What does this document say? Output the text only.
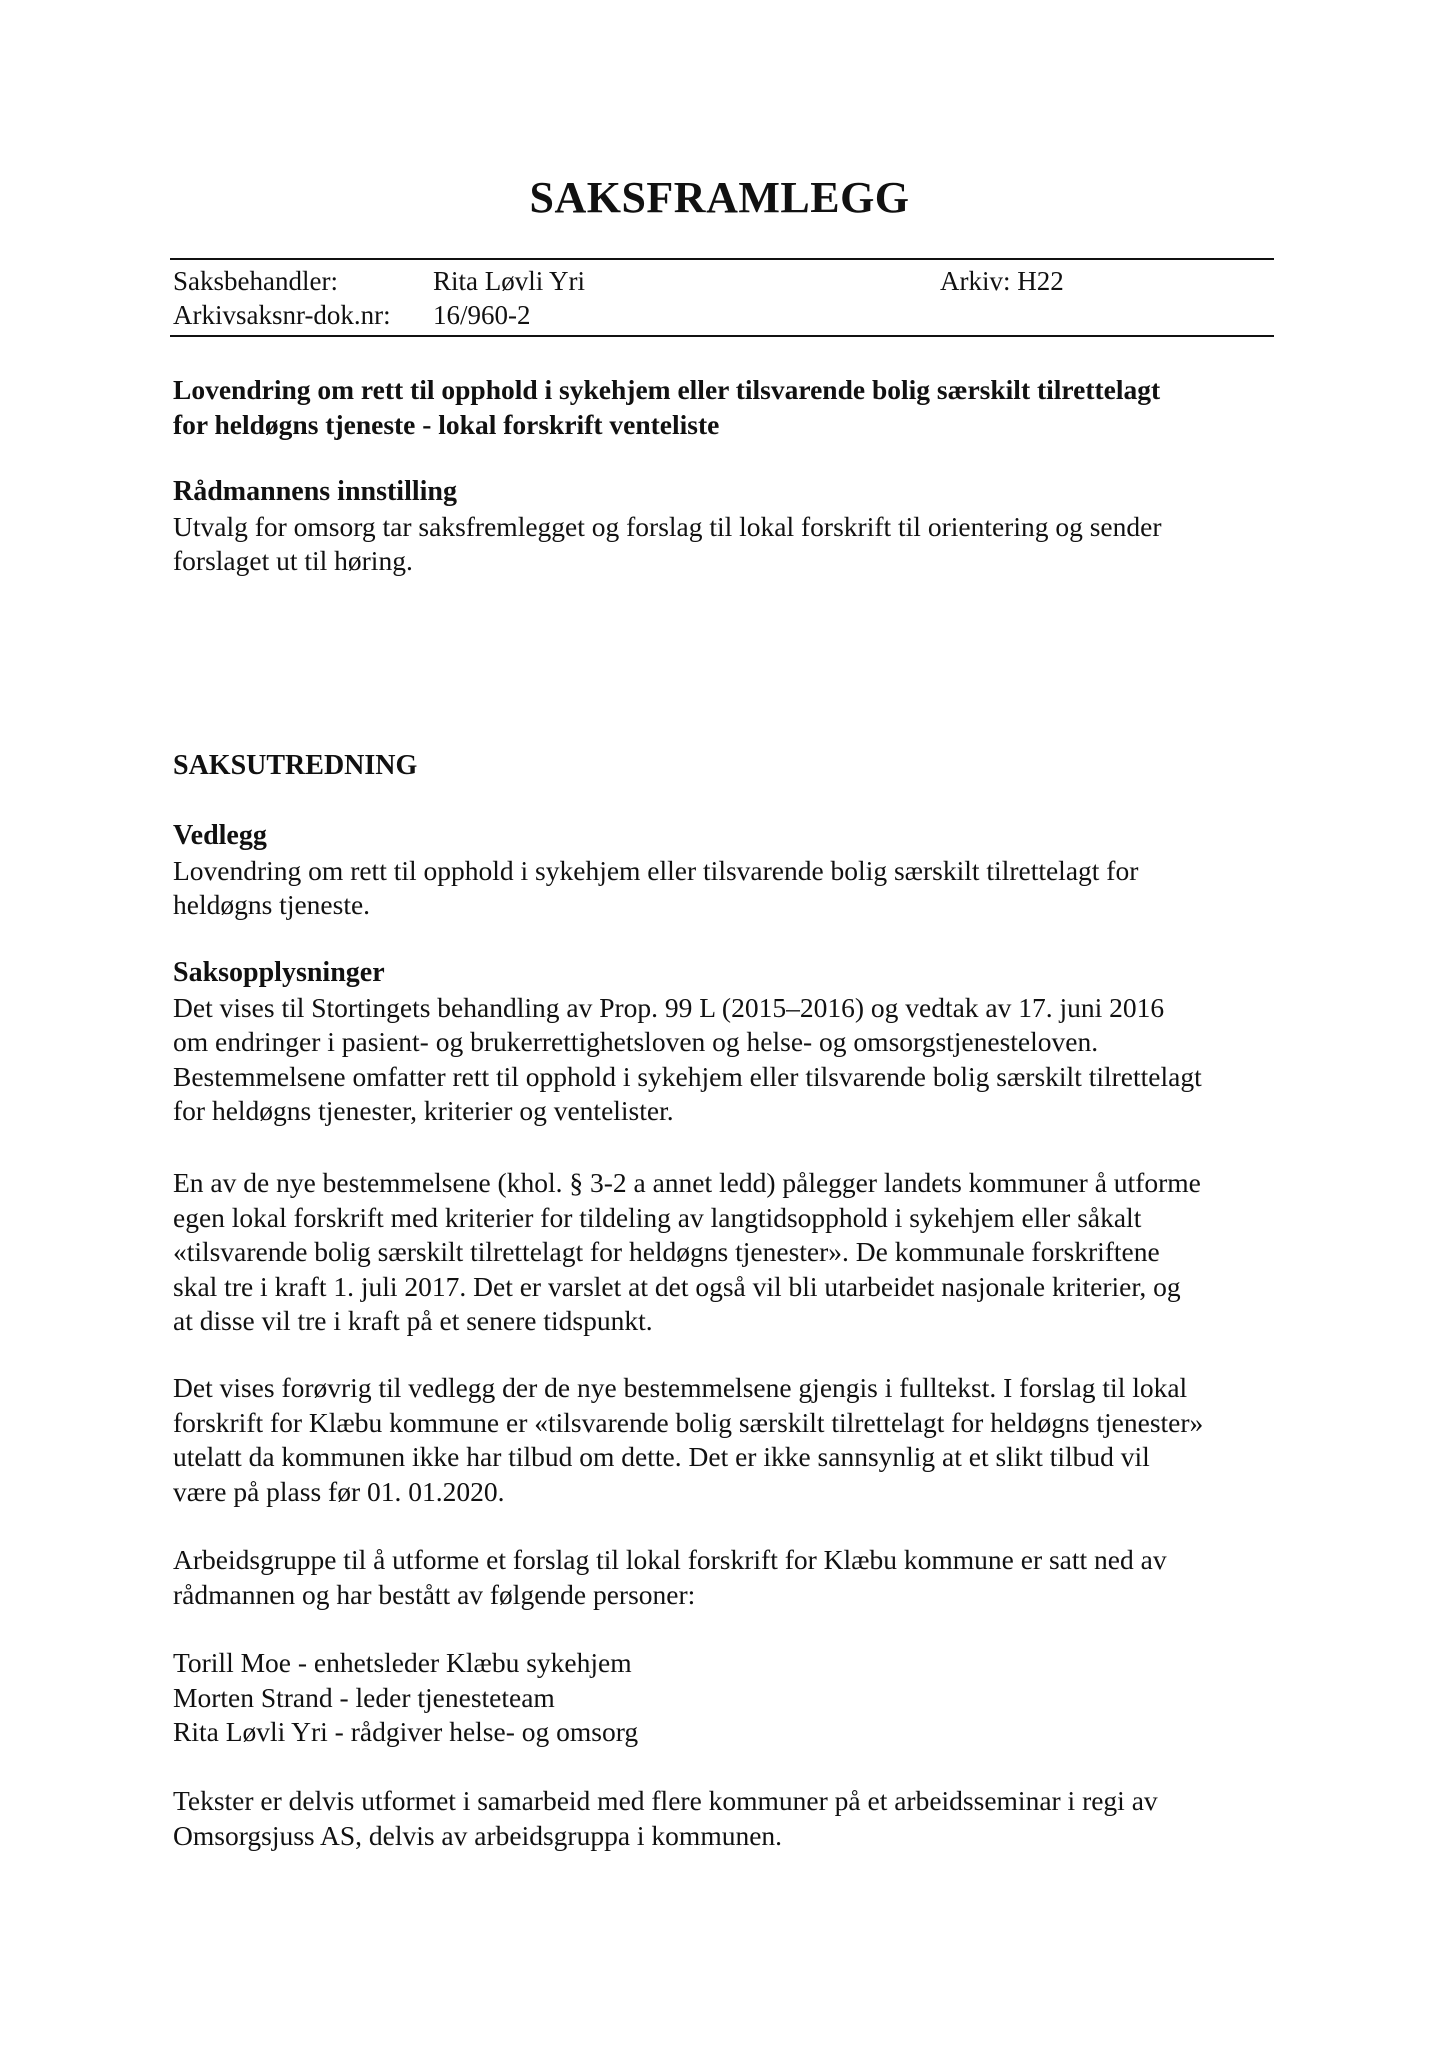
SAKSFRAMLEGG
Saksbehandler:	Rita Løvli Yri	Arkiv: H22
Arkivsaksnr-dok.nr: 16/960-2
Lovendring om rett til opphold i sykehjem eller tilsvarende bolig særskilt tilrettelagt
for heldøgns tjeneste - lokal forskrift venteliste
Rådmannens innstilling
Utvalg for omsorg tar saksfremlegget og forslag til lokal forskrift til orientering og sender
forslaget ut til høring.
SAKSUTREDNING
Vedlegg
Lovendring om rett til opphold i sykehjem eller tilsvarende bolig særskilt tilrettelagt for
heldøgns tjeneste.
Saksopplysninger
Det vises til Stortingets behandling av Prop. 99 L (2015–2016) og vedtak av 17. juni 2016
om endringer i pasient- og brukerrettighetsloven og helse- og omsorgstjenesteloven.
Bestemmelsene omfatter rett til opphold i sykehjem eller tilsvarende bolig særskilt tilrettelagt
for heldøgns tjenester, kriterier og ventelister.
En av de nye bestemmelsene (khol. § 3-2 a annet ledd) pålegger landets kommuner å utforme
egen lokal forskrift med kriterier for tildeling av langtidsopphold i sykehjem eller såkalt
«tilsvarende bolig særskilt tilrettelagt for heldøgns tjenester». De kommunale forskriftene
skal tre i kraft 1. juli 2017. Det er varslet at det også vil bli utarbeidet nasjonale kriterier, og
at disse vil tre i kraft på et senere tidspunkt.
Det vises forøvrig til vedlegg der de nye bestemmelsene gjengis i fulltekst. I forslag til lokal
forskrift for Klæbu kommune er «tilsvarende bolig særskilt tilrettelagt for heldøgns tjenester»
utelatt da kommunen ikke har tilbud om dette. Det er ikke sannsynlig at et slikt tilbud vil
være på plass før 01. 01.2020.
Arbeidsgruppe til å utforme et forslag til lokal forskrift for Klæbu kommune er satt ned av
rådmannen og har bestått av følgende personer:
Torill Moe - enhetsleder Klæbu sykehjem
Morten Strand - leder tjenesteteam
Rita Løvli Yri - rådgiver helse- og omsorg
Tekster er delvis utformet i samarbeid med flere kommuner på et arbeidsseminar i regi av
Omsorgsjuss AS, delvis av arbeidsgruppa i kommunen.
